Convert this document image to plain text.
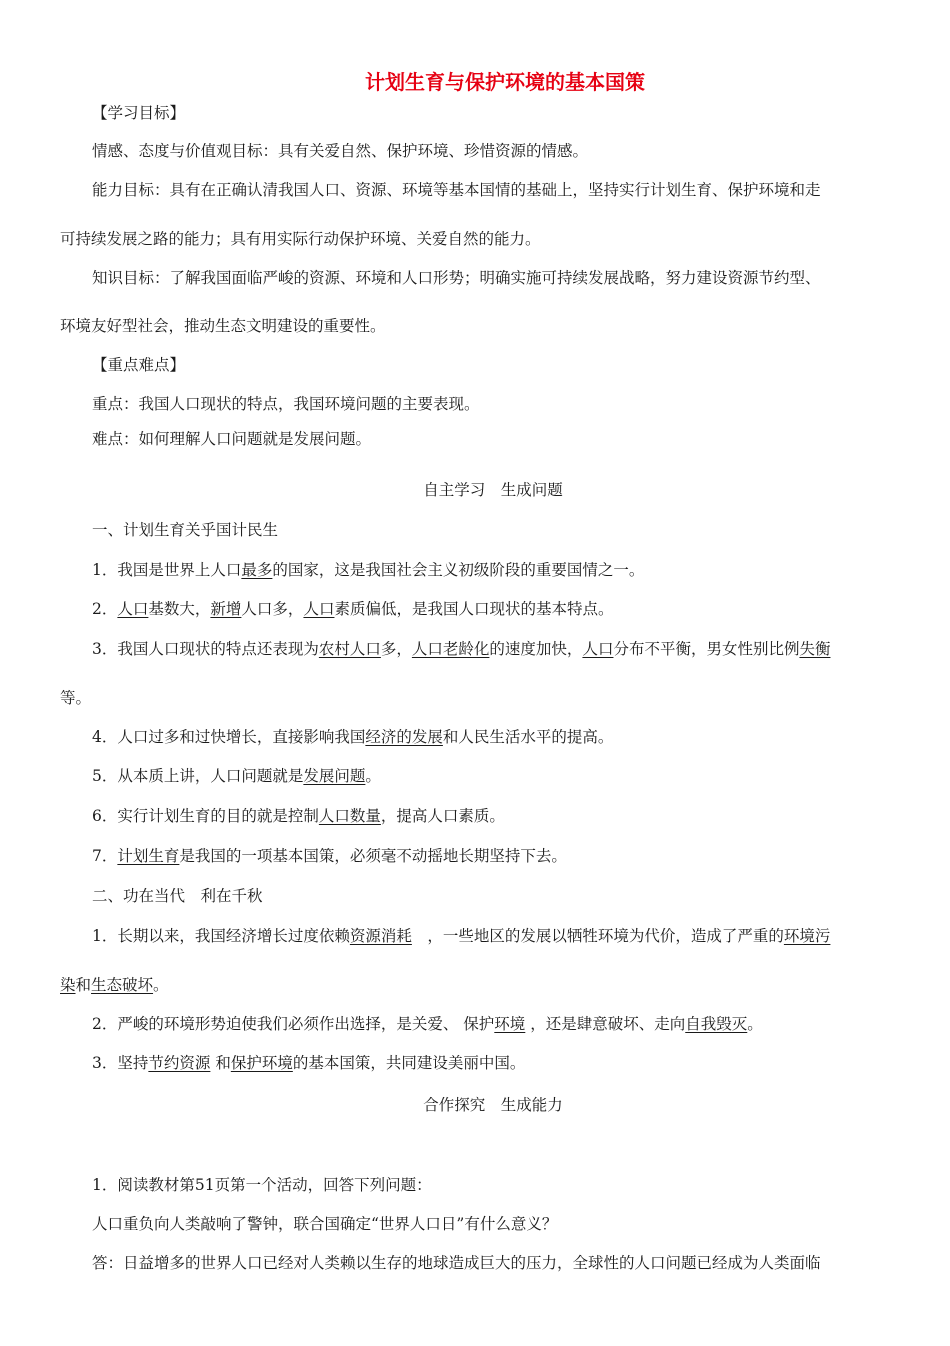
计划生育与保护环境的基本国策
【学习目标】
情感、态度与价值观目标：具有关爱自然、保护环境、珍惜资源的情感。
能力目标：具有在正确认清我国人口、资源、环境等基本国情的基础上，坚持实行计划生育、保护环境和走
可持续发展之路的能力；具有用实际行动保护环境、关爱自然的能力。
知识目标：了解我国面临严峻的资源、环境和人口形势；明确实施可持续发展战略，努力建设资源节约型、
环境友好型社会，推动生态文明建设的重要性。
【重点难点】
重点：我国人口现状的特点，我国环境问题的主要表现。
难点：如何理解人口问题就是发展问题。
自主学习　生成问题
一、计划生育关乎国计民生
1．我国是世界上人口最多的国家，这是我国社会主义初级阶段的重要国情之一。
2．人口基数大，新增人口多，人口素质偏低，是我国人口现状的基本特点。
3．我国人口现状的特点还表现为农村人口多，人口老龄化的速度加快，人口分布不平衡，男女性别比例失衡
等。
4．人口过多和过快增长，直接影响我国经济的发展和人民生活水平的提高。
5．从本质上讲，人口问题就是发展问题。
6．实行计划生育的目的就是控制人口数量，提高人口素质。
7．计划生育是我国的一项基本国策，必须毫不动摇地长期坚持下去。
二、功在当代　利在千秋
1．长期以来，我国经济增长过度依赖资源消耗　，一些地区的发展以牺牲环境为代价，造成了严重的环境污
染和生态破坏。
2．严峻的环境形势迫使我们必须作出选择，是关爱、 保护环境 ，还是肆意破坏、走向自我毁灭。
3．坚持节约资源 和保护环境的基本国策，共同建设美丽中国。
合作探究　生成能力
1．阅读教材第51页第一个活动，回答下列问题：
人口重负向人类敲响了警钟，联合国确定“世界人口日”有什么意义？
答：日益增多的世界人口已经对人类赖以生存的地球造成巨大的压力，全球性的人口问题已经成为人类面临
